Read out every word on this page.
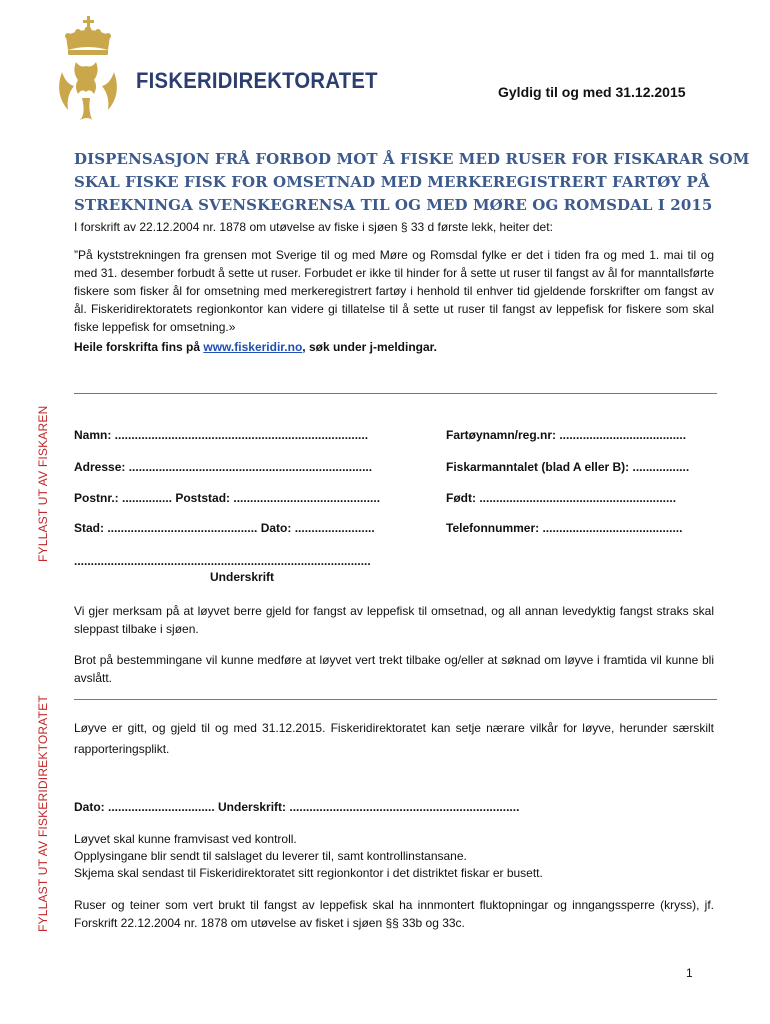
FISKERIDIREKTORATET	Gyldig til og med 31.12.2015
DISPENSASJON FRÅ FORBOD MOT Å FISKE MED RUSER FOR FISKARAR SOM
SKAL FISKE FISK FOR OMSETNAD MED MERKEREGISTRERT FARTØY PÅ
STREKNINGA SVENSKEGRENSA TIL OG MED MØRE OG ROMSDAL I 2015
I forskrift av 22.12.2004 nr. 1878 om utøvelse av fiske i sjøen § 33 d første lekk, heiter det:
”På kyststrekningen fra grensen mot Sverige til og med Møre og Romsdal fylke er det i tiden fra og med 1. mai til og med 31. desember forbudt å sette ut ruser. Forbudet er ikke til hinder for å sette ut ruser til fangst av ål for manntallsførte fiskere som fisker ål for omsetning med merkeregistrert fartøy i henhold til enhver tid gjeldende forskrifter om fangst av ål. Fiskeridirektoratets regionkontor kan videre gi tillatelse til å sette ut ruser til fangst av leppefisk for fiskere som skal fiske leppefisk for omsetning.»
Heile forskrifta fins på www.fiskeridir.no, søk under j-meldingar.
FYLLAST UT AV FISKAREN Namn: ............................................................................	Fartøynamn/reg.nr: ......................................
Adresse: .........................................................................	Fiskarmanntalet (blad A eller B): .................
Postnr.: ............... Poststad: ............................................	Født: ...........................................................
Stad: ............................................. Dato: ........................	Telefonnummer: ..........................................
.........................................................................................
Underskrift
Vi gjer merksam på at løyvet berre gjeld for fangst av leppefisk til omsetnad, og all annan levedyktig fangst straks skal sleppast tilbake i sjøen.
Brot på bestemmingane vil kunne medføre at løyvet vert trekt tilbake og/eller at søknad om løyve i framtida vil kunne bli avslått.
FYLLAST UT AV FISKERIDIREKTORATET Løyve er gitt, og gjeld til og med 31.12.2015. Fiskeridirektoratet kan setje nærare vilkår for løyve, herunder særskilt rapporteringsplikt.
Dato: ................................ Underskrift: .....................................................................
Løyvet skal kunne framvisast ved kontroll.
Opplysingane blir sendt til salslaget du leverer til, samt kontrollinstansane.
Skjema skal sendast til Fiskeridirektoratet sitt regionkontor i det distriktet fiskar er busett.
Ruser og teiner som vert brukt til fangst av leppefisk skal ha innmontert fluktopningar og inngangssperre (kryss), jf. Forskrift 22.12.2004 nr. 1878 om utøvelse av fisket i sjøen §§ 33b og 33c.
1
